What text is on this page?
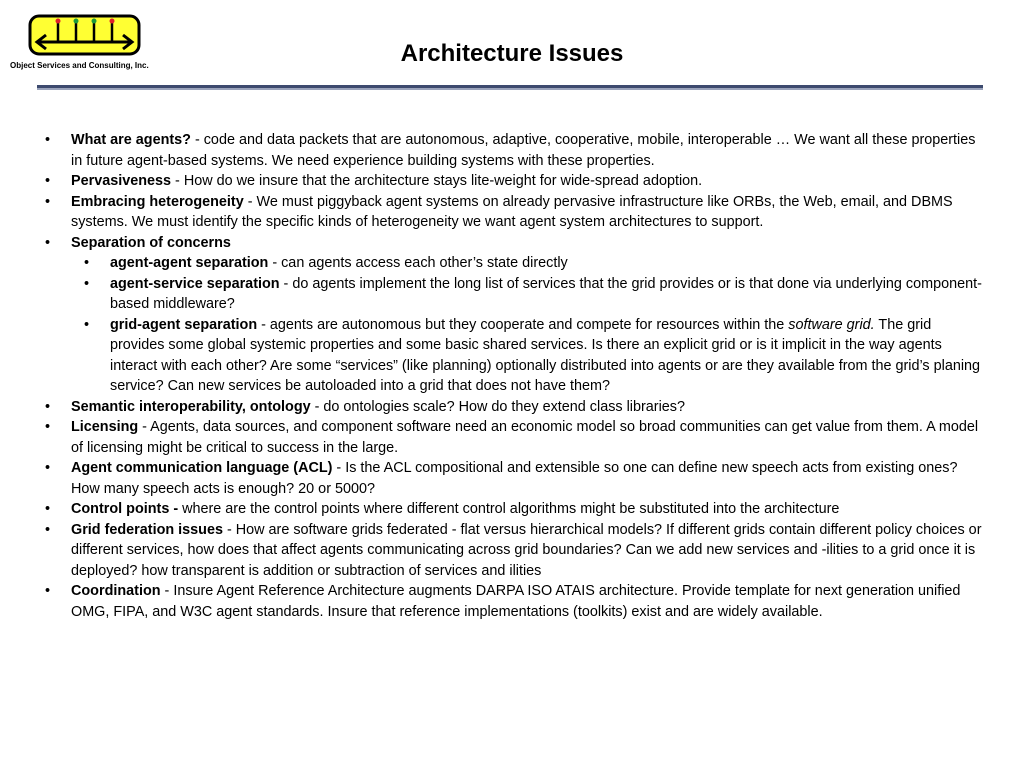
Object Services and Consulting, Inc.	Architecture Issues
• What are agents? - code and data packets that are autonomous, adaptive, cooperative, mobile, interoperable … We want all these properties in future agent-based systems. We need experience building systems with these properties.
• Pervasiveness - How do we insure that the architecture stays lite-weight for wide-spread adoption.
• Embracing heterogeneity - We must piggyback agent systems on already pervasive infrastructure like ORBs, the Web, email, and DBMS systems. We must identify the specific kinds of heterogeneity we want agent system architectures to support.
• Separation of concerns
• agent-agent separation - can agents access each other’s state directly
• agent-service separation - do agents implement the long list of services that the grid provides or is that done via underlying component-based middleware?
• grid-agent separation - agents are autonomous but they cooperate and compete for resources within the software grid. The grid provides some global systemic properties and some basic shared services. Is there an explicit grid or is it implicit in the way agents interact with each other? Are some “services” (like planning) optionally distributed into agents or are they available from the grid’s planing service? Can new services be autoloaded into a grid that does not have them?
• Semantic interoperability, ontology - do ontologies scale? How do they extend class libraries?
• Licensing - Agents, data sources, and component software need an economic model so broad communities can get value from them. A model of licensing might be critical to success in the large.
• Agent communication language (ACL) - Is the ACL compositional and extensible so one can define new speech acts from existing ones? How many speech acts is enough? 20 or 5000?
• Control points - where are the control points where different control algorithms might be substituted into the architecture
• Grid federation issues - How are software grids federated - flat versus hierarchical models? If different grids contain different policy choices or different services, how does that affect agents communicating across grid boundaries? Can we add new services and -ilities to a grid once it is deployed? how transparent is addition or subtraction of services and ilities
• Coordination - Insure Agent Reference Architecture augments DARPA ISO ATAIS architecture. Provide template for next generation unified OMG, FIPA, and W3C agent standards. Insure that reference implementations (toolkits) exist and are widely available.
